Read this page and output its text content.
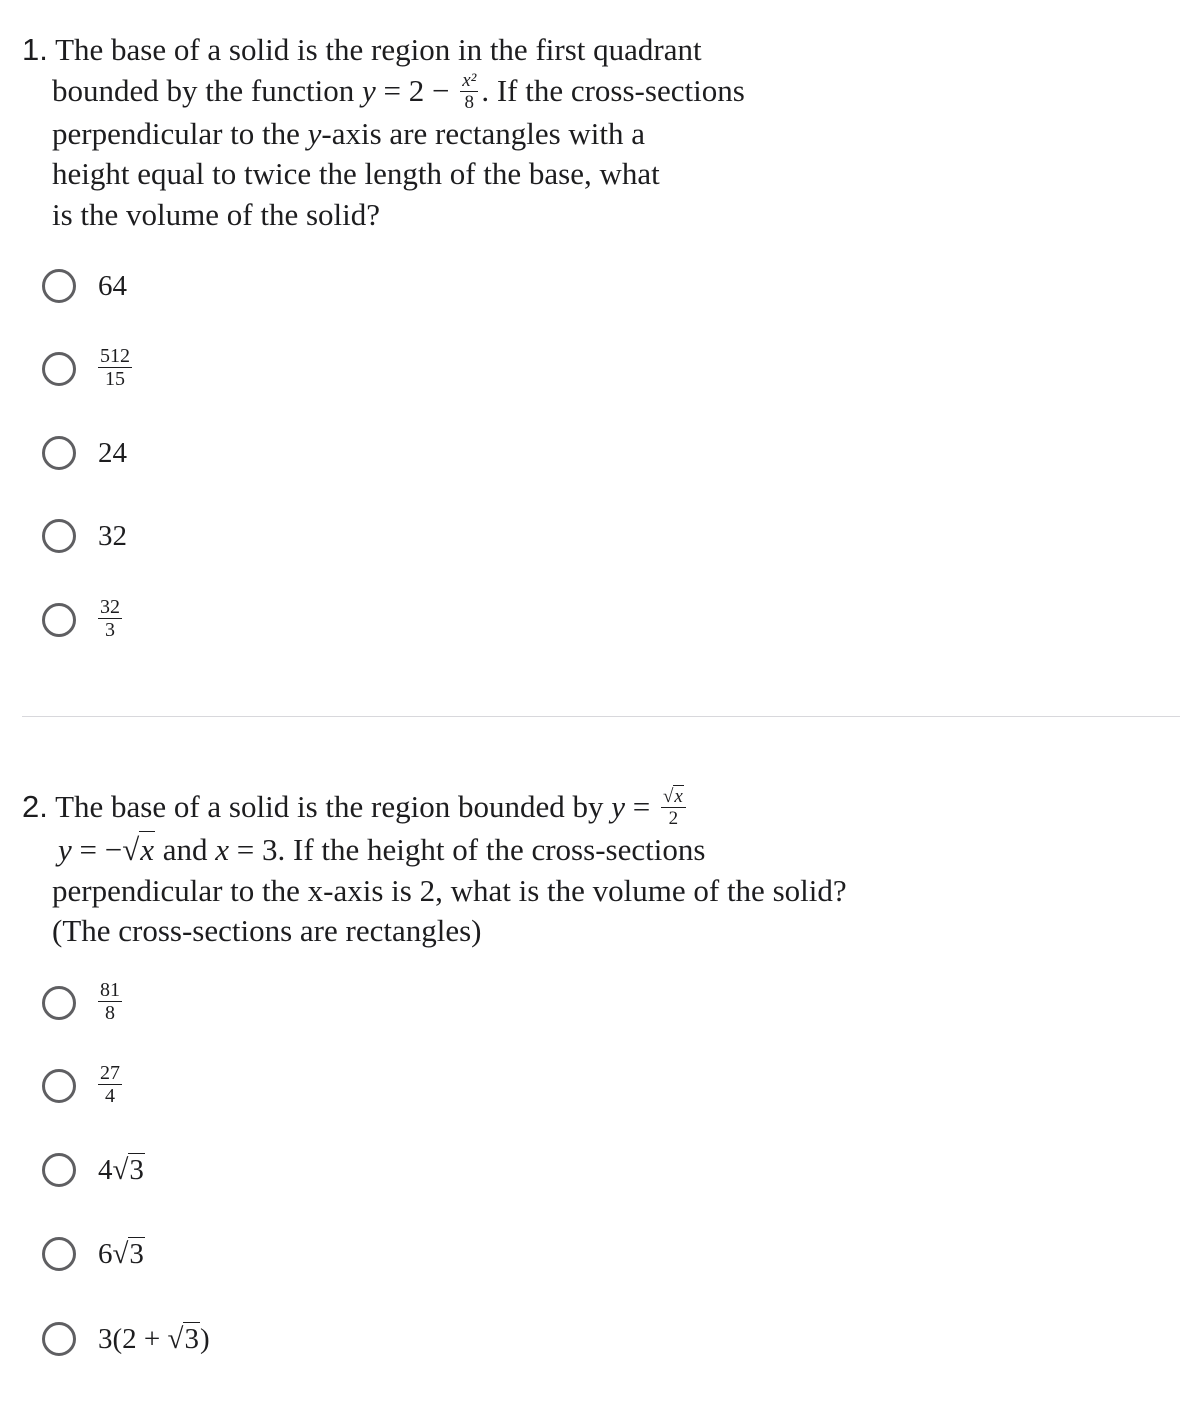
1. The base of a solid is the region in the first quadrant
bounded by the function $y = 2 - \frac{\text{x²}}{8}$ . If the cross-sections
perpendicular to the y-axis are rectangles with a
height equal to twice the length of the base, what
is the volume of the solid?
64
$\frac{512}{15}$
24
32
$\frac{32}{3}$
2. The base of a solid is the region bounded by $y = \frac{√x}{2}$
y = −√x and x = 3. If the height of the cross-sections
perpendicular to the x-axis is 2, what is the volume of the solid?
(The cross-sections are rectangles)
$\frac{81}{8}$
$\frac{27}{4}$
4√3
6√3
3(2 + √3)
